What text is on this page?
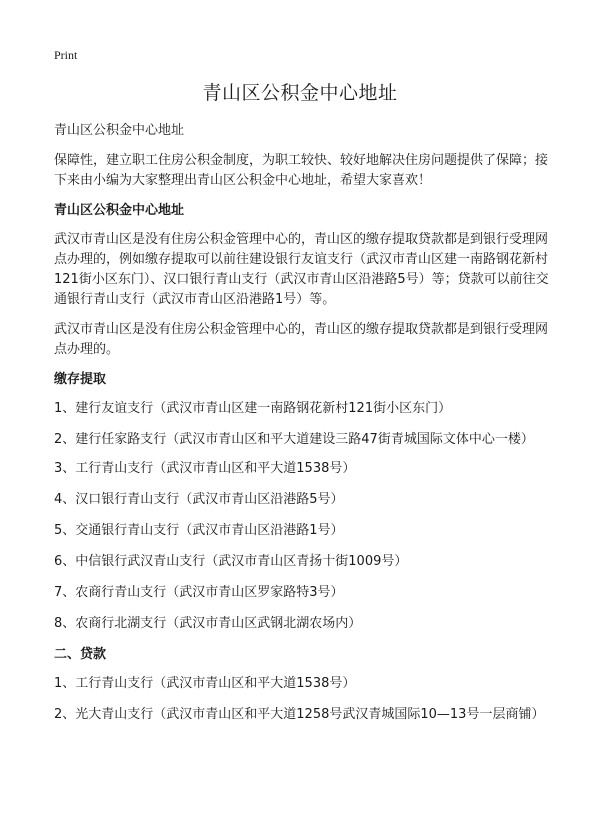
Print
青山区公积金中心地址

青山区公积金中心地址

保障性，建立职工住房公积金制度，为职工较快、较好地解决住房问题提供了保障；接下来由小编为大家整理出青山区公积金中心地址，希望大家喜欢！

青山区公积金中心地址

武汉市青山区是没有住房公积金管理中心的，青山区的缴存提取贷款都是到银行受理网点办理的，例如缴存提取可以前往建设银行友谊支行（武汉市青山区建一南路钢花新村121街小区东门）、汉口银行青山支行（武汉市青山区沿港路5号）等；贷款可以前往交通银行青山支行（武汉市青山区沿港路1号）等。

武汉市青山区是没有住房公积金管理中心的，青山区的缴存提取贷款都是到银行受理网点办理的。

缴存提取

1、建行友谊支行（武汉市青山区建一南路钢花新村121街小区东门）

2、建行任家路支行（武汉市青山区和平大道建设三路47街青城国际文体中心一楼）

3、工行青山支行（武汉市青山区和平大道1538号）

4、汉口银行青山支行（武汉市青山区沿港路5号）

5、交通银行青山支行（武汉市青山区沿港路1号）

6、中信银行武汉青山支行（武汉市青山区青扬十街1009号）

7、农商行青山支行（武汉市青山区罗家路特3号）

8、农商行北湖支行（武汉市青山区武钢北湖农场内）

二、贷款

1、工行青山支行（武汉市青山区和平大道1538号）

2、光大青山支行（武汉市青山区和平大道1258号武汉青城国际10—13号一层商铺）
